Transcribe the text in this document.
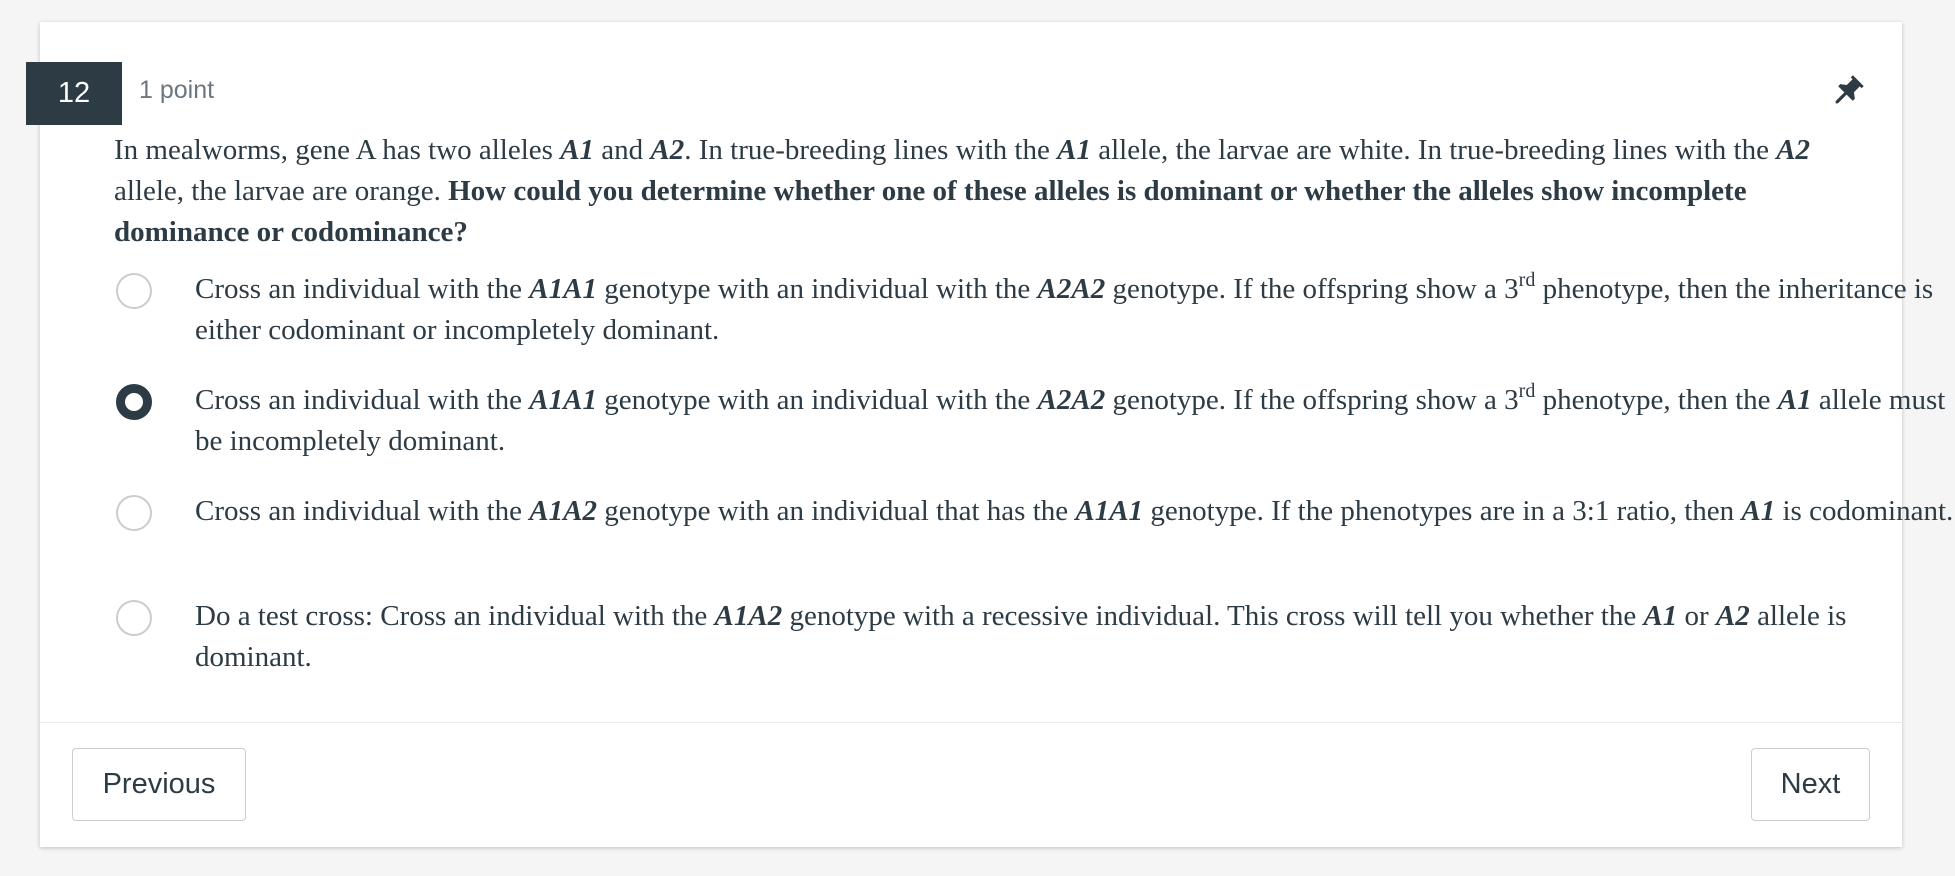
12	1 point
In mealworms, gene A has two alleles A1 and A2. In true-breeding lines with the A1 allele, the larvae are white. In true-breeding lines with the A2 allele, the larvae are orange. How could you determine whether one of these alleles is dominant or whether the alleles show incomplete dominance or codominance?
Cross an individual with the A1A1 genotype with an individual with the A2A2 genotype. If the offspring show a 3rd phenotype, then the inheritance is either codominant or incompletely dominant.
Cross an individual with the A1A1 genotype with an individual with the A2A2 genotype. If the offspring show a 3rd phenotype, then the A1 allele must be incompletely dominant.
Cross an individual with the A1A2 genotype with an individual that has the A1A1 genotype. If the phenotypes are in a 3:1 ratio, then A1 is codominant.
Do a test cross: Cross an individual with the A1A2 genotype with a recessive individual. This cross will tell you whether the A1 or A2 allele is dominant.
Previous	Next
